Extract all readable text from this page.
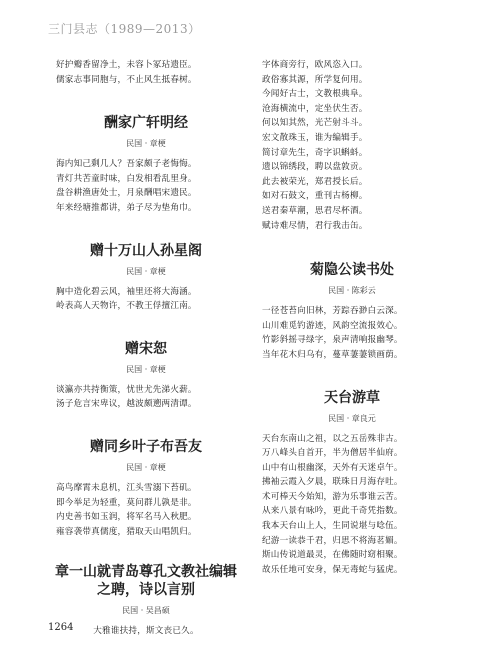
三门县志（1989—2013）
好护瓣香留净土，未容卜冢玷遗臣。
儒家志事同胞与，不止风生抵春树。
酬家广轩明经
民国 · 章梗
海内知己剩几人？吾家颇子老悔悔。
青灯共苦童时味，白发相看乱里身。
盘谷耕渔唐处士，月泉酬唱宋遗民。
年来经塘推都讲，弟子尽为垫角巾。
赠十万山人孙星阁
民国 · 章梗
胸中造化碧云风，袖里还将大海涵。
岭表高人天物许，不教王俘擅江南。
赠宋恕
民国 · 章梗
谈瀛亦共持衡策，忧世尤先涕火薪。
汤子危言宋卑议，越波颇遡两清谭。
赠同乡叶子布吾友
民国 · 章梗
高鸟摩霄未息机，江头雪溺下苔矶。
即今举足为轻重，莫问群儿孰是非。
内史善书如玉润，将军名马入秋肥。
雍容袭带真儒度，猎取天山唱凯归。
章一山就青岛尊孔文教社编辑之聘，诗以言别
民国 · 吴昌硕
大雅谁扶持，斯文丧已久。
字体商旁行，欧风恣入口。
政俗寡其源，所学复何用。
今闻好古士，文教根典阜。
沧海横流中，定坐伏生否。
何以知其然，光芒射斗斗。
宏文散珠玉，谁为编辑手。
简讨章先生，奇字识蝌蚪。
遗以锦绣段，聘以盘敦贡。
此去被荣光，郑君授长后。
如对石鼓文，重刊古杨柳。
送君秦草潮，思君尽杯酒。
赋诗难尽情，君行我击缶。
菊隐公读书处
民国 · 陈彩云
一径苍苔向旧林，芳踪吞渺白云深。
山川难觅钓游迹，风韵空流报效心。
竹影斜摇寻绿字，泉声清响报幽琴。
当年花木归乌有，蔓草萋萋锁画荫。
天台游草
民国 · 章良元
天台东南山之祖，以之五岳殊非古。
万八峰头自首开，半为僧居半仙府。
山中有山根幽深，天外有天迷卓午。
拂袖云霞入夕晨，联珠日月海存吐。
术可棒天今始知，游为乐事谁云苦。
从来八景有咏吟，更此千奇凭指数。
我本天台山上人，生同说堪与唸伍。
纪游一读恭千君，归思不将海茗媚。
斯山传说道最灵，在佛随时窈相聚。
故乐任地可安身，保无毒蛇与猛虎。
1264
